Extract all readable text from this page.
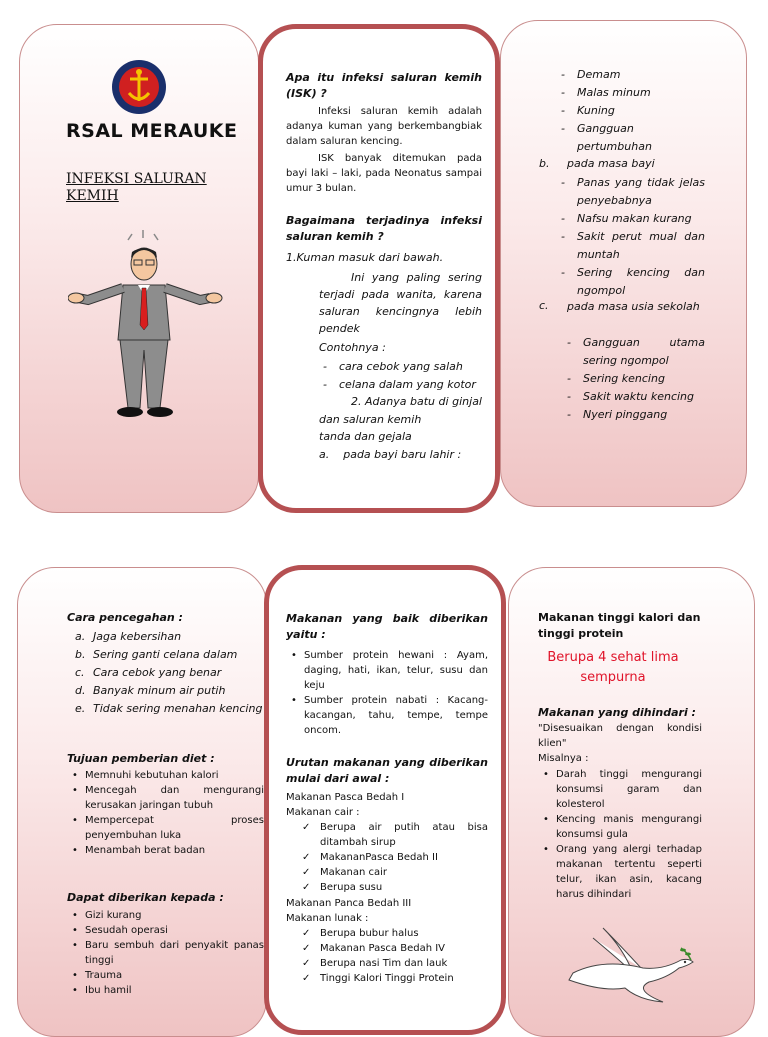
RSAL MERAUKE
INFEKSI SALURAN KEMIH
Apa itu infeksi saluran kemih (ISK) ?
Infeksi saluran kemih adalah adanya kuman yang berkembangbiak dalam saluran kencing.
ISK banyak ditemukan pada bayi laki – laki, pada Neonatus sampai umur 3 bulan.
Bagaimana terjadinya infeksi saluran kemih ?
1.Kuman masuk dari bawah.
Ini yang paling sering terjadi pada wanita, karena saluran kencingnya lebih pendek
Contohnya :
- cara cebok yang salah
- celana dalam yang kotor
2. Adanya batu di ginjal dan saluran kemih
tanda dan gejala
a.    pada bayi baru lahir :
- Demam
- Malas minum
- Kuning
- Gangguan pertumbuhan
b. pada masa bayi
- Panas yang tidak jelas penyebabnya
- Nafsu makan kurang
- Sakit perut mual dan muntah
- Sering kencing dan ngompol
c. pada masa usia sekolah
- Gangguan utama sering ngompol
- Sering kencing
- Sakit waktu kencing
- Nyeri pinggang
Cara pencegahan :
a. Jaga kebersihan
b. Sering ganti celana dalam
c. Cara cebok yang benar
d. Banyak minum air putih
e. Tidak sering menahan kencing
Tujuan pemberian diet :
• Memnuhi kebutuhan kalori
• Mencegah dan mengurangi kerusakan jaringan tubuh
• Mempercepat proses penyembuhan luka
• Menambah berat badan
Dapat diberikan kepada :
• Gizi kurang
• Sesudah operasi
• Baru sembuh dari penyakit panas tinggi
• Trauma
• Ibu hamil
Makanan yang baik diberikan yaitu :
• Sumber protein hewani : Ayam, daging, hati, ikan, telur, susu dan keju
• Sumber protein nabati : Kacang-kacangan, tahu, tempe, tempe oncom.
Urutan makanan yang diberikan mulai dari awal :
Makanan Pasca Bedah I
Makanan cair :
✓ Berupa air putih atau bisa ditambah sirup
✓ MakananPasca Bedah II
✓ Makanan cair
✓ Berupa susu
Makanan Panca Bedah III
Makanan lunak :
✓ Berupa bubur halus
✓ Makanan Pasca Bedah IV
✓ Berupa nasi Tim dan lauk
✓ Tinggi Kalori Tinggi Protein
Makanan tinggi kalori dan tinggi protein
Berupa 4 sehat lima sempurna
Makanan yang dihindari :
"Disesuaikan dengan kondisi klien"
Misalnya :
• Darah tinggi mengurangi konsumsi garam dan kolesterol
• Kencing manis mengurangi konsumsi gula
• Orang yang alergi terhadap makanan tertentu seperti telur, ikan asin, kacang harus dihindari
